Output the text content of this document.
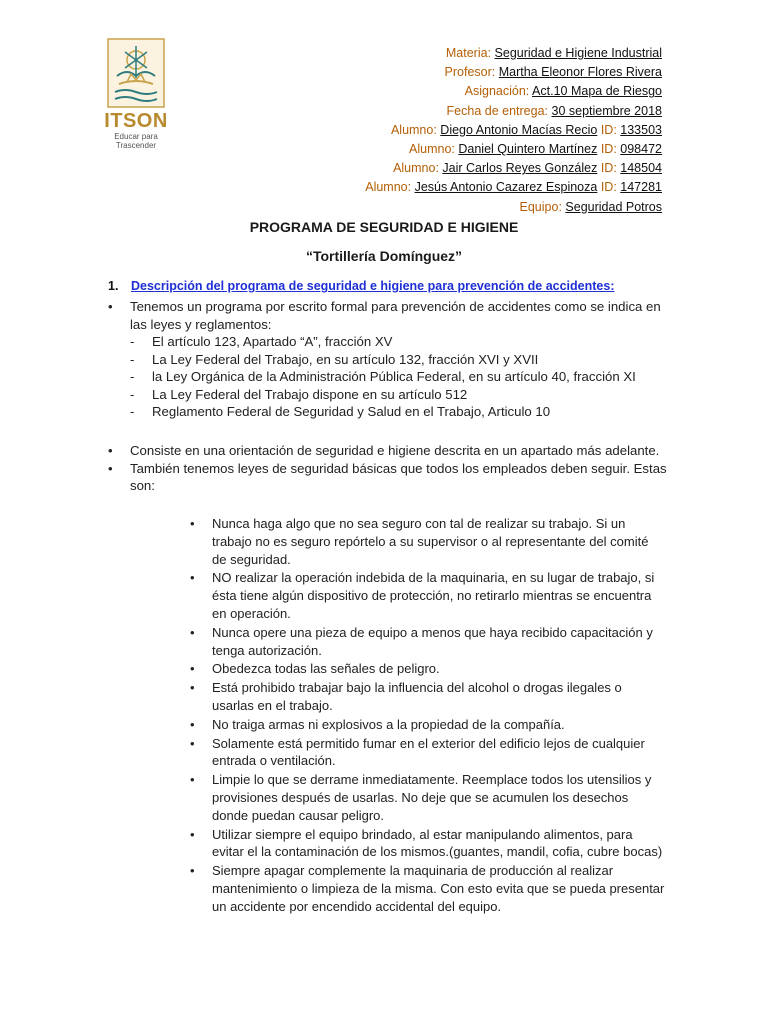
ITSON
Educar para Trascender
Materia: Seguridad e Higiene Industrial
Profesor: Martha Eleonor Flores Rivera
Asignación: Act.10 Mapa de Riesgo
Fecha de entrega: 30 septiembre 2018
Alumno: Diego Antonio Macías Recio ID: 133503
Alumno: Daniel Quintero Martínez ID: 098472
Alumno: Jair Carlos Reyes González ID: 148504
Alumno: Jesús Antonio Cazarez Espinoza ID: 147281
Equipo: Seguridad Potros
PROGRAMA DE SEGURIDAD E HIGIENE
“Tortillería Domínguez”
1. Descripción del programa de seguridad e higiene para prevención de accidentes:
• Tenemos un programa por escrito formal para prevención de accidentes como se indica en las leyes y reglamentos:
- El artículo 123, Apartado “A”, fracción XV
- La Ley Federal del Trabajo, en su artículo 132, fracción XVI y XVII
- la Ley Orgánica de la Administración Pública Federal, en su artículo 40, fracción XI
- La Ley Federal del Trabajo dispone en su artículo 512
- Reglamento Federal de Seguridad y Salud en el Trabajo, Articulo 10
• Consiste en una orientación de seguridad e higiene descrita en un apartado más adelante.
• También tenemos leyes de seguridad básicas que todos los empleados deben seguir. Estas son:
• Nunca haga algo que no sea seguro con tal de realizar su trabajo. Si un trabajo no es seguro repórtelo a su supervisor o al representante del comité de seguridad.
• NO realizar la operación indebida de la maquinaria, en su lugar de trabajo, si ésta tiene algún dispositivo de protección, no retirarlo mientras se encuentra en operación.
• Nunca opere una pieza de equipo a menos que haya recibido capacitación y tenga autorización.
• Obedezca todas las señales de peligro.
• Está prohibido trabajar bajo la influencia del alcohol o drogas ilegales o usarlas en el trabajo.
• No traiga armas ni explosivos a la propiedad de la compañía.
• Solamente está permitido fumar en el exterior del edificio lejos de cualquier entrada o ventilación.
• Limpie lo que se derrame inmediatamente. Reemplace todos los utensilios y provisiones después de usarlas. No deje que se acumulen los desechos donde puedan causar peligro.
• Utilizar siempre el equipo brindado, al estar manipulando alimentos, para evitar el la contaminación de los mismos.(guantes, mandil, cofia, cubre bocas)
• Siempre apagar complemente la maquinaria de producción al realizar mantenimiento o limpieza de la misma. Con esto evita que se pueda presentar un accidente por encendido accidental del equipo.
